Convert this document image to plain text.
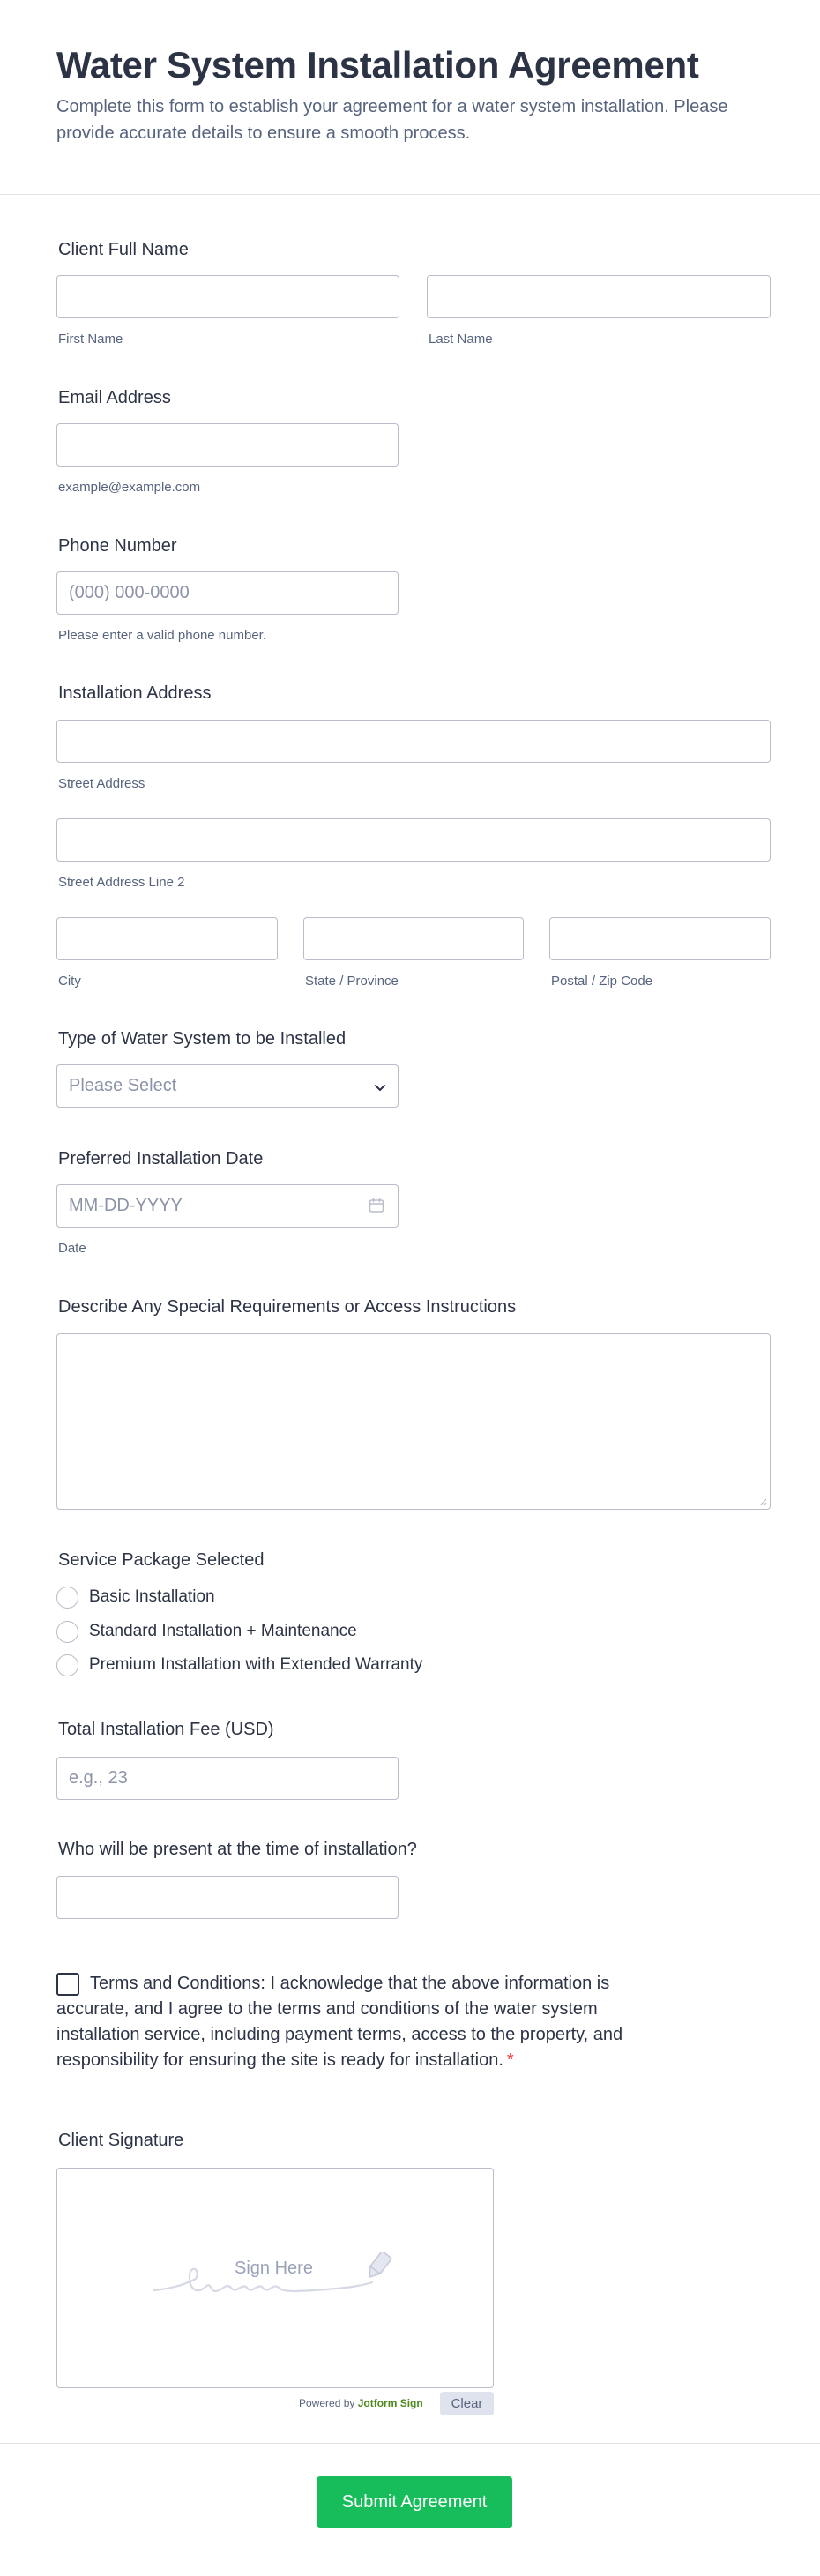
Water System Installation Agreement
Complete this form to establish your agreement for a water system installation. Please provide accurate details to ensure a smooth process.
Client Full Name
First Name	Last Name
Email Address
example@example.com
Phone Number
(000) 000-0000
Please enter a valid phone number.
Installation Address
Street Address
Street Address Line 2
City	State / Province	Postal / Zip Code
Type of Water System to be Installed
Please Select
Preferred Installation Date
MM-DD-YYYY
Date
Describe Any Special Requirements or Access Instructions
Service Package Selected
Basic Installation
Standard Installation + Maintenance
Premium Installation with Extended Warranty
Total Installation Fee (USD)
e.g., 23
Who will be present at the time of installation?
Terms and Conditions: I acknowledge that the above information is accurate, and I agree to the terms and conditions of the water system installation service, including payment terms, access to the property, and responsibility for ensuring the site is ready for installation. *
Client Signature
Sign Here
Powered by Jotform Sign	Clear
Submit Agreement
